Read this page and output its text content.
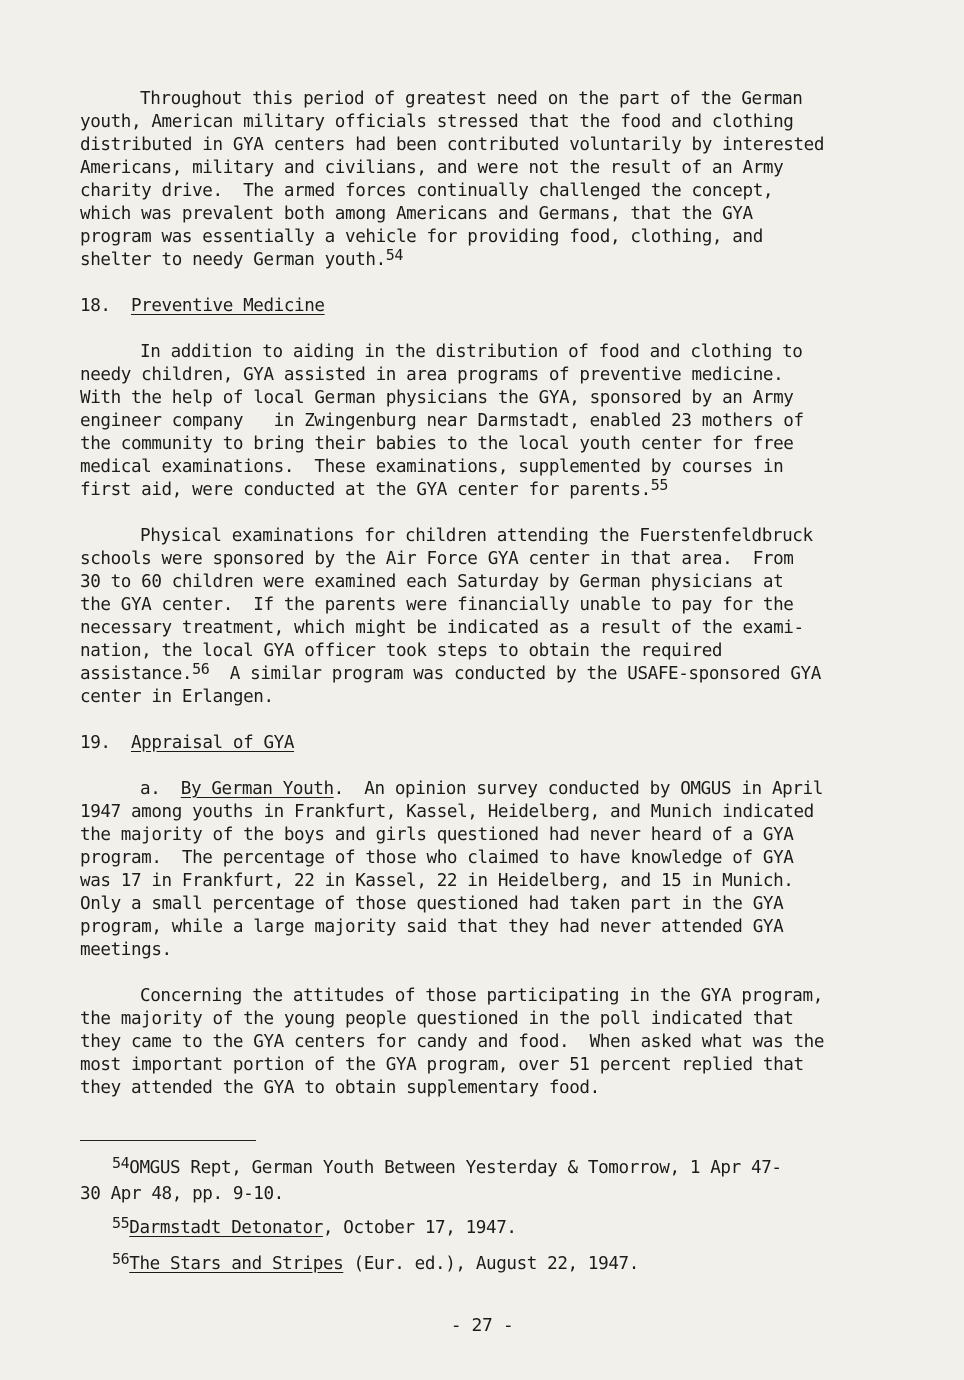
Throughout this period of greatest need on the part of the German
youth, American military officials stressed that the food and clothing
distributed in GYA centers had been contributed voluntarily by interested
Americans, military and civilians, and were not the result of an Army
charity drive.  The armed forces continually challenged the concept,
which was prevalent both among Americans and Germans, that the GYA
program was essentially a vehicle for providing food, clothing, and
shelter to needy German youth.$^{54}$
18. Preventive Medicine
In addition to aiding in the distribution of food and clothing to
needy children, GYA assisted in area programs of preventive medicine.
With the help of local German physicians the GYA, sponsored by an Army
engineer company   in Zwingenburg near Darmstadt, enabled 23 mothers of
the community to bring their babies to the local youth center for free
medical examinations.  These examinations, supplemented by courses in
first aid, were conducted at the GYA center for parents.$^{55}$
Physical examinations for children attending the Fuerstenfeldbruck
schools were sponsored by the Air Force GYA center in that area.  From
30 to 60 children were examined each Saturday by German physicians at
the GYA center.  If the parents were financially unable to pay for the
necessary treatment, which might be indicated as a result of the exami-
nation, the local GYA officer took steps to obtain the required
assistance.$^{56}$  A similar program was conducted by the USAFE-sponsored GYA
center in Erlangen.
19. Appraisal of GYA
a. By German Youth.  An opinion survey conducted by OMGUS in April
1947 among youths in Frankfurt, Kassel, Heidelberg, and Munich indicated
the majority of the boys and girls questioned had never heard of a GYA
program.  The percentage of those who claimed to have knowledge of GYA
was 17 in Frankfurt, 22 in Kassel, 22 in Heidelberg, and 15 in Munich.
Only a small percentage of those questioned had taken part in the GYA
program, while a large majority said that they had never attended GYA
meetings.
Concerning the attitudes of those participating in the GYA program,
the majority of the young people questioned in the poll indicated that
they came to the GYA centers for candy and food.  When asked what was the
most important portion of the GYA program, over 51 percent replied that
they attended the GYA to obtain supplementary food.
$^{54}$OMGUS Rept, German Youth Between Yesterday & Tomorrow, 1 Apr 47-
30 Apr 48, pp. 9-10.
$^{55}$Darmstadt Detonator, October 17, 1947.
$^{56}$The Stars and Stripes (Eur. ed.), August 22, 1947.
- 27 -
